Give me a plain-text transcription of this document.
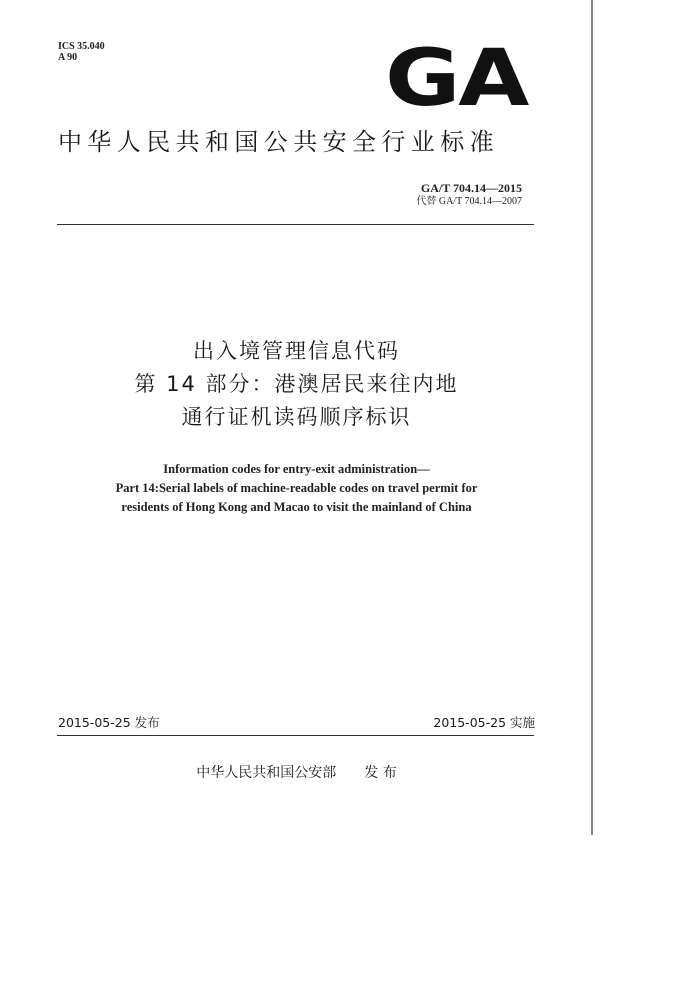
ICS 35.040
A 90	GA
中华人民共和国公共安全行业标准
GA/T 704.14—2015
代替 GA/T 704.14—2007
出入境管理信息代码
第 14 部分：港澳居民来往内地
通行证机读码顺序标识
Information codes for entry-exit administration—
Part 14:Serial labels of machine-readable codes on travel permit for
residents of Hong Kong and Macao to visit the mainland of China
2015-05-25 发布	2015-05-25 实施
中华人民共和国公安部 发 布
